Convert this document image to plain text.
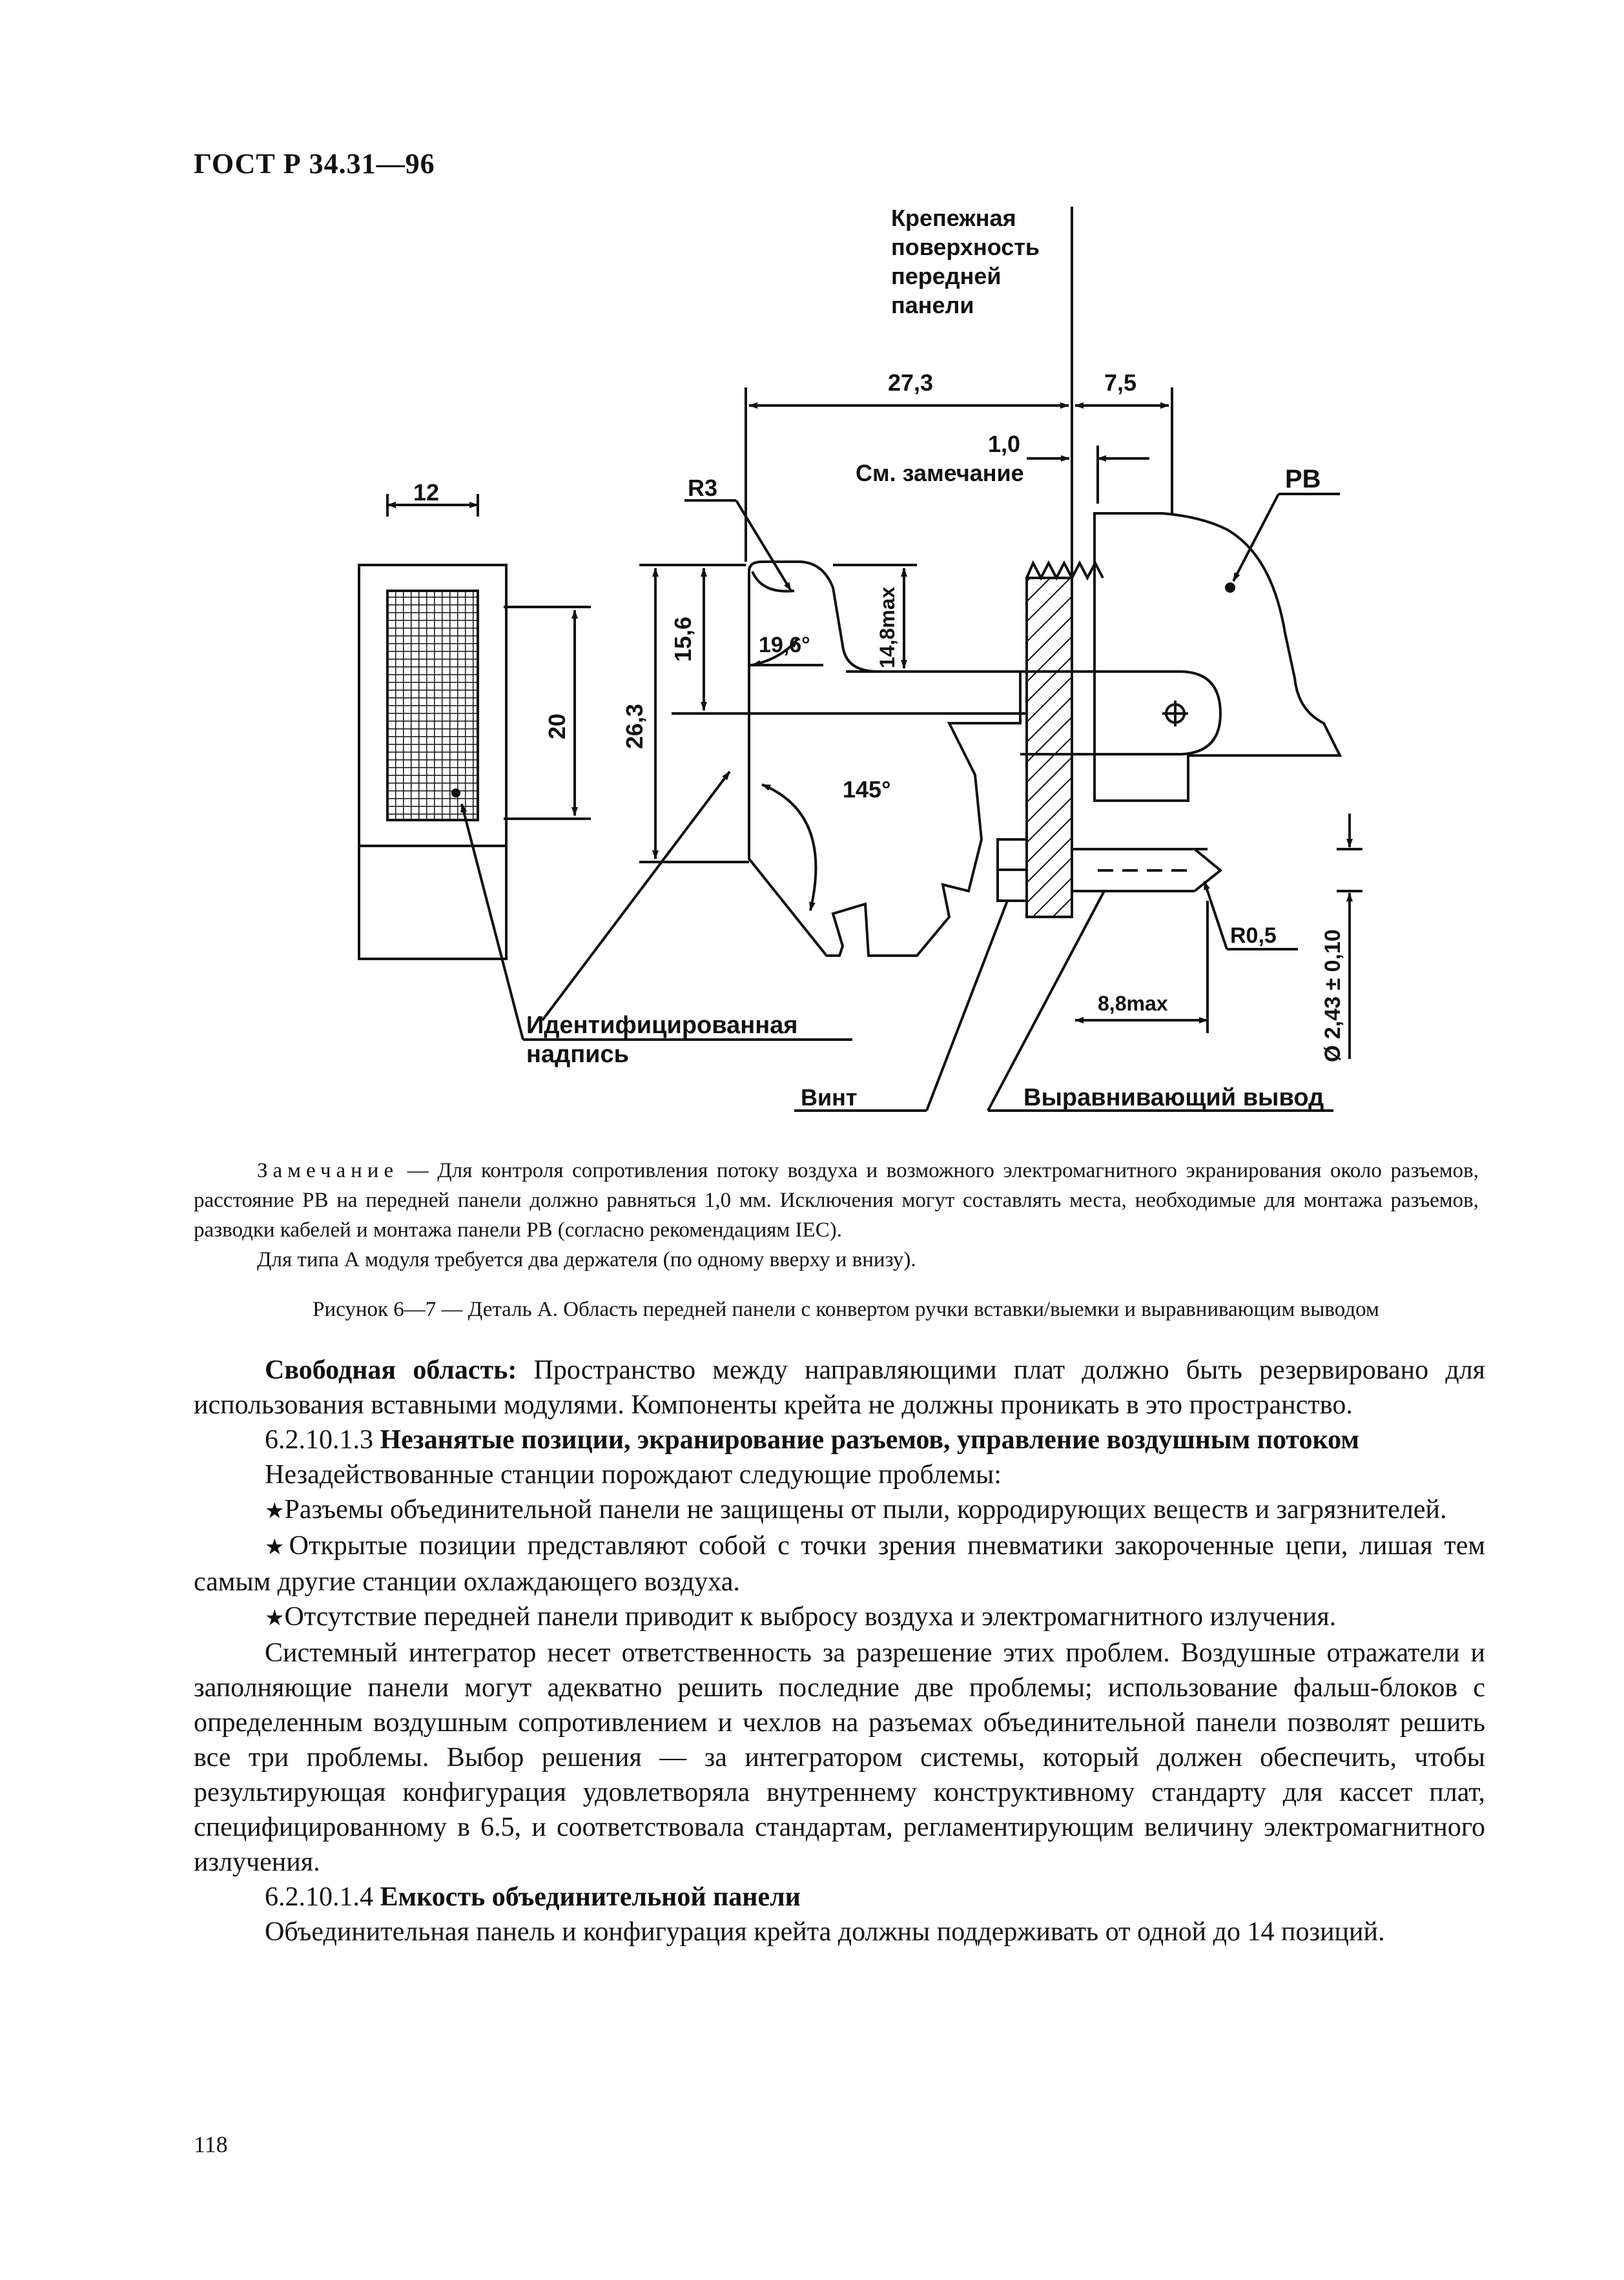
ГОСТ Р 34.31—96
Крепежная
поверхность
передней
панели
27,3	7,5
1,0
См. замечание	РВ
12	R3
15,6	19,6°	14,8max
20 26,3
145°
R0,5
8,8max	Ø 2,43 ± 0,10
Идентифицированная
надпись
Винт	Выравнивающий вывод

Замечание — Для контроля сопротивления потоку воздуха и возможного электромагнитного экранирования около разъемов, расстояние РВ на передней панели должно равняться 1,0 мм. Исключения могут составлять места, необходимые для монтажа разъемов, разводки кабелей и монтажа панели РВ (согласно рекомендациям IEC).

Для типа А модуля требуется два держателя (по одному вверху и внизу).

Рисунок 6—7 — Деталь А. Область передней панели с конвертом ручки вставки/выемки и выравнивающим выводом

Свободная область: Пространство между направляющими плат должно быть резервировано для использования вставными модулями. Компоненты крейта не должны проникать в это пространство.

6.2.10.1.3 Незанятые позиции, экранирование разъемов, управление воздушным потоком

Незадействованные станции порождают следующие проблемы:

★Разъемы объединительной панели не защищены от пыли, корродирующих веществ и загрязнителей.

★Открытые позиции представляют собой с точки зрения пневматики закороченные цепи, лишая тем самым другие станции охлаждающего воздуха.

★Отсутствие передней панели приводит к выбросу воздуха и электромагнитного излучения.

Системный интегратор несет ответственность за разрешение этих проблем. Воздушные отражатели и заполняющие панели могут адекватно решить последние две проблемы; использование фальш-блоков с определенным воздушным сопротивлением и чехлов на разъемах объединительной панели позволят решить все три проблемы. Выбор решения — за интегратором системы, который должен обеспечить, чтобы результирующая конфигурация удовлетворяла внутреннему конструктивному стандарту для кассет плат, специфицированному в 6.5, и соответствовала стандартам, регламентирующим величину электромагнитного излучения.

6.2.10.1.4 Емкость объединительной панели

Объединительная панель и конфигурация крейта должны поддерживать от одной до 14 позиций.

118
